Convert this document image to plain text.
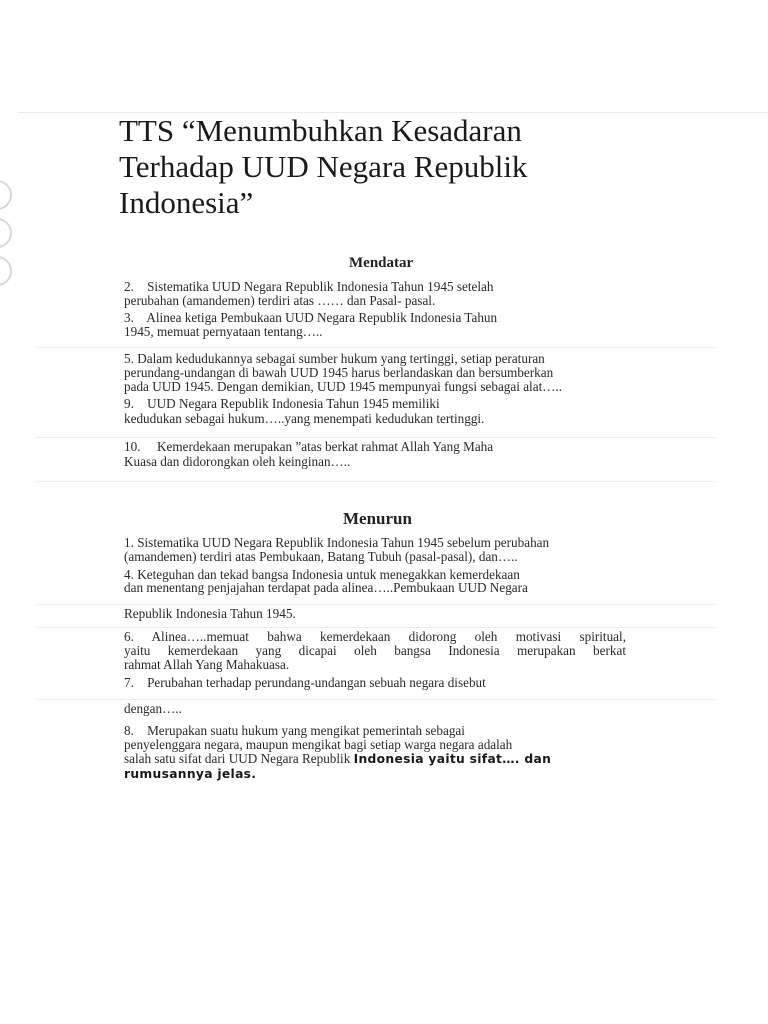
TTS “Menumbuhkan Kesadaran
Terhadap UUD Negara Republik
Indonesia”
Mendatar
2.    Sistematika UUD Negara Republik Indonesia Tahun 1945 setelah
perubahan (amandemen) terdiri atas …… dan Pasal- pasal.
3.    Alinea ketiga Pembukaan UUD Negara Republik Indonesia Tahun
1945, memuat pernyataan tentang…..
5. Dalam kedudukannya sebagai sumber hukum yang tertinggi, setiap peraturan
perundang-undangan di bawah UUD 1945 harus berlandaskan dan bersumberkan
pada UUD 1945. Dengan demikian, UUD 1945 mempunyai fungsi sebagai alat…..
9.    UUD Negara Republik Indonesia Tahun 1945 memiliki
kedudukan sebagai hukum…..yang menempati kedudukan tertinggi.
10.     Kemerdekaan merupakan ”atas berkat rahmat Allah Yang Maha
Kuasa dan didorongkan oleh keinginan…..
Menurun
1. Sistematika UUD Negara Republik Indonesia Tahun 1945 sebelum perubahan
(amandemen) terdiri atas Pembukaan, Batang Tubuh (pasal-pasal), dan…..
4. Keteguhan dan tekad bangsa Indonesia untuk menegakkan kemerdekaan
dan menentang penjajahan terdapat pada alinea…..Pembukaan UUD Negara
Republik Indonesia Tahun 1945.
6. Alinea…..memuat bahwa kemerdekaan didorong oleh motivasi spiritual,
yaitu kemerdekaan yang dicapai oleh bangsa Indonesia merupakan berkat
rahmat Allah Yang Mahakuasa.
7.    Perubahan terhadap perundang-undangan sebuah negara disebut
dengan…..
8.    Merupakan suatu hukum yang mengikat pemerintah sebagai
penyelenggara negara, maupun mengikat bagi setiap warga negara adalah
salah satu sifat dari UUD Negara Republik Indonesia yaitu sifat…. dan
rumusannya jelas.
